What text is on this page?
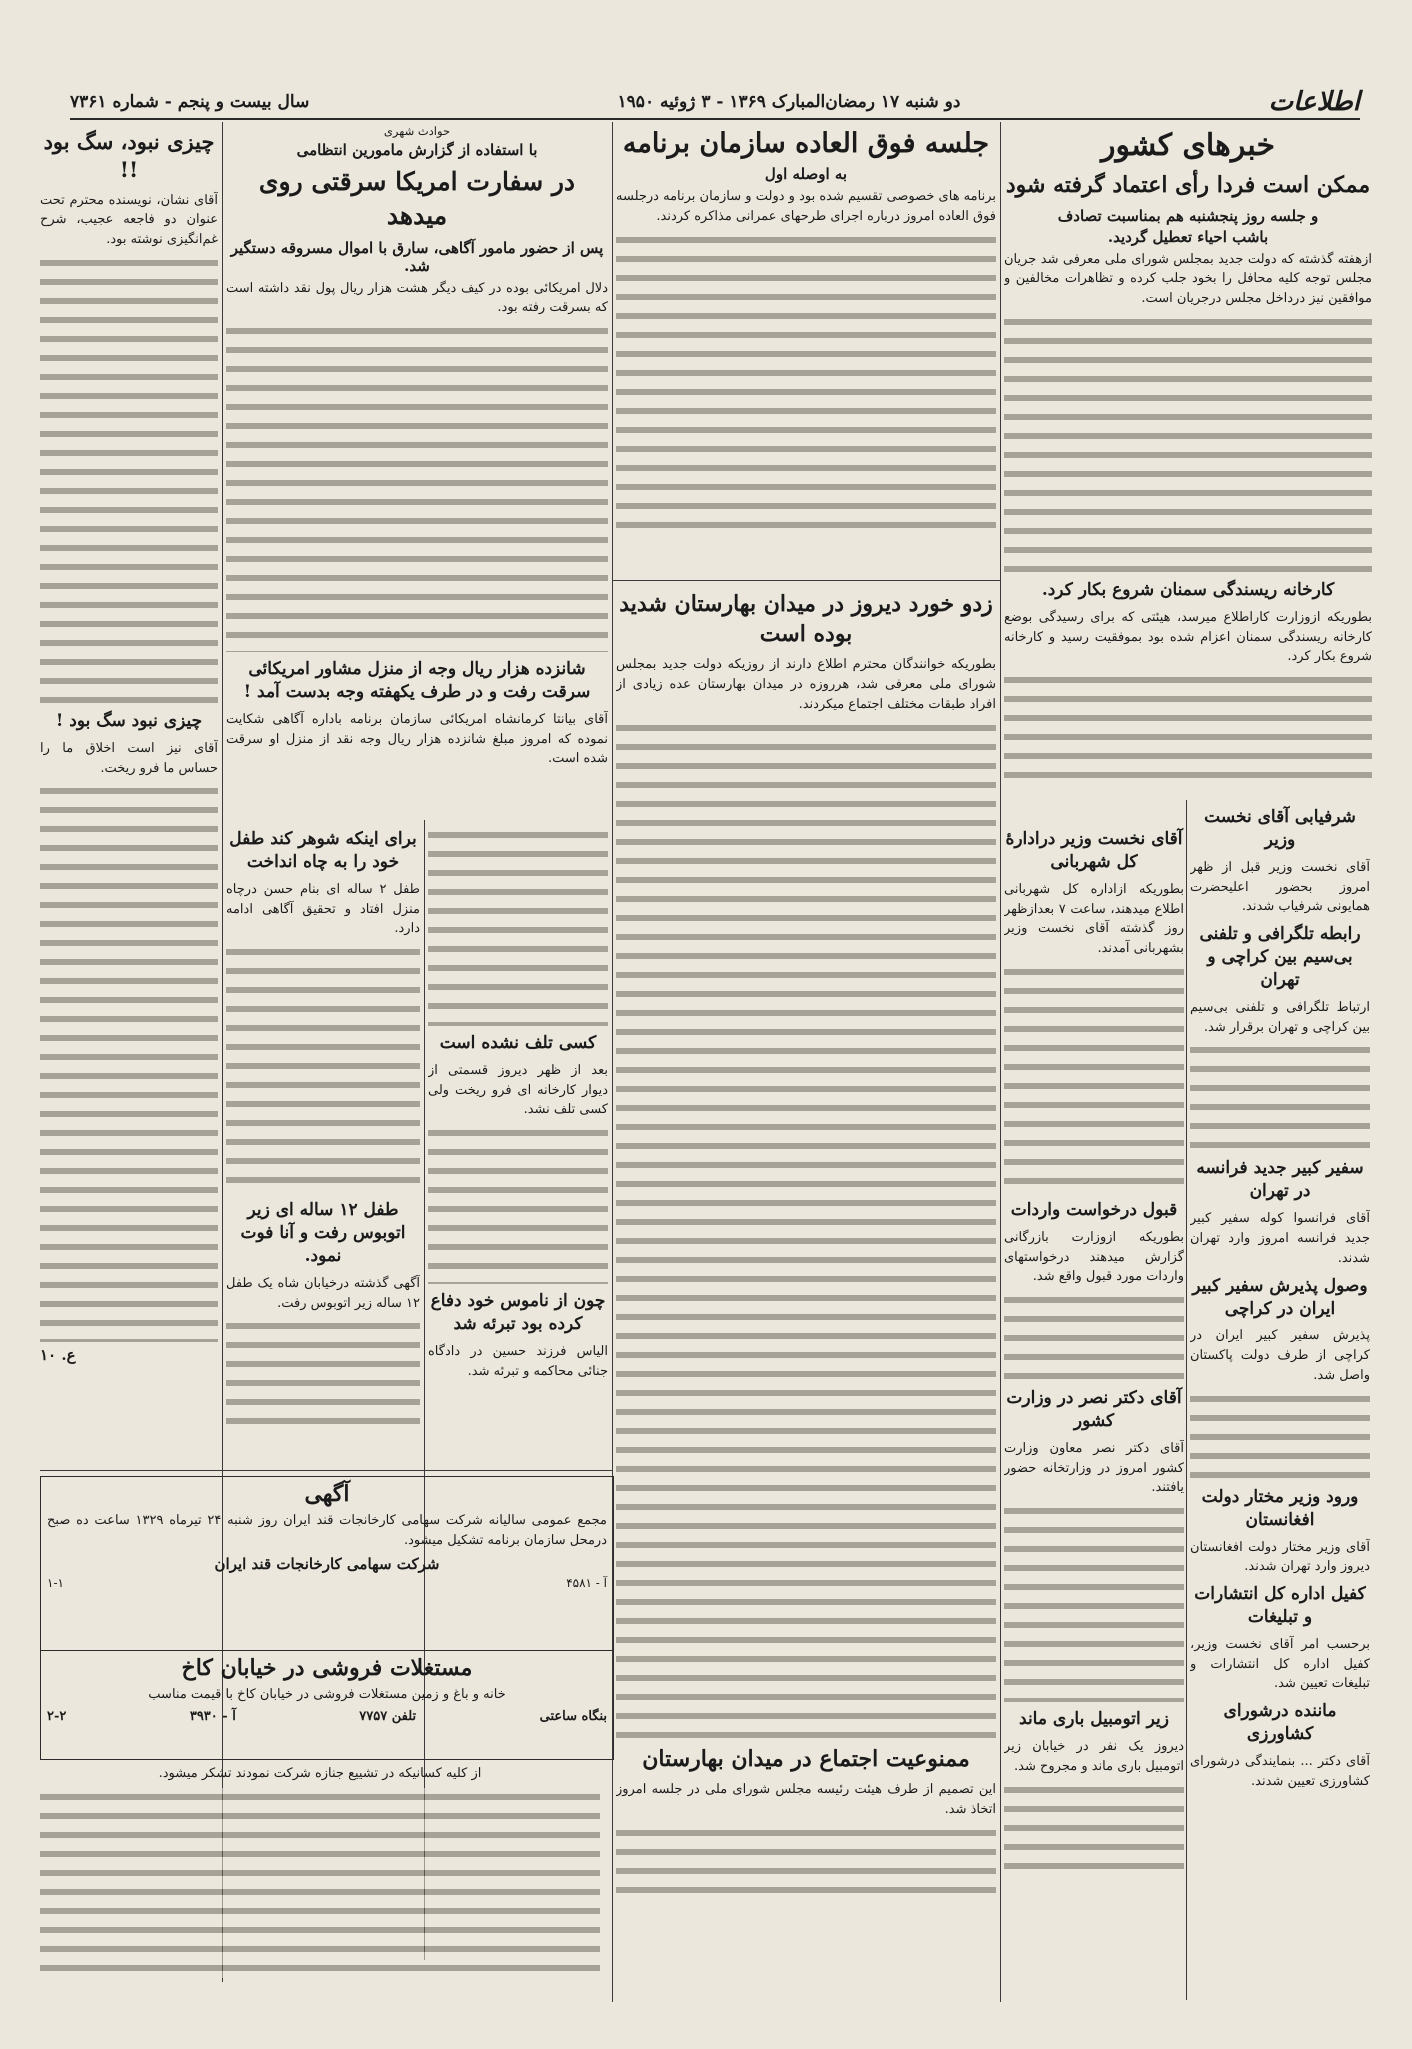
اطلاعات
دو شنبه ۱۷ رمضان‌المبارک ۱۳۶۹ - ۳ ژوئیه ۱۹۵۰
سال بیست و پنجم - شماره ۷۳۶۱
خبرهای کشور
ممکن است فردا رأی اعتماد گرفته شود
و جلسه روز پنجشنبه هم بمناسبت تصادف
باشب احیاء تعطیل گردید.

ازهفته گذشته که دولت جدید بمجلس شورای ملی معرفی شد جریان مجلس توجه کلیه محافل را بخود جلب کرده و تظاهرات مخالفین و موافقین نیز درداخل مجلس درجریان است.

کارخانه ریسندگی سمنان شروع بکار کرد.

بطوریکه ازوزارت کاراطلاع میرسد، هیئتی که برای رسیدگی بوضع کارخانه ریسندگی سمنان اعزام شده بود بموفقیت رسید و کارخانه شروع بکار کرد.

آقای نخست وزیر درادارهٔ کل شهربانی

بطوریکه ازاداره کل شهربانی اطلاع میدهند، ساعت ۷ بعدازظهر روز گذشته آقای نخست وزیر بشهربانی آمدند.

قبول درخواست واردات

بطوریکه ازوزارت بازرگانی گزارش میدهند درخواستهای واردات مورد قبول واقع شد.

آقای دکتر نصر در وزارت کشور

آقای دکتر نصر معاون وزارت کشور امروز در وزارتخانه حضور یافتند.

زیر اتومبیل باری ماند

دیروز یک نفر در خیابان زیر اتومبیل باری ماند و مجروح شد.

شرفیابی آقای نخست وزیر

آقای نخست وزیر قبل از ظهر امروز بحضور اعلیحضرت همایونی شرفیاب شدند.

رابطه تلگرافی و تلفنی بی‌سیم بین کراچی و تهران

ارتباط تلگرافی و تلفنی بی‌سیم بین کراچی و تهران برقرار شد.

سفیر کبیر جدید فرانسه در تهران

آقای فرانسوا کوله سفیر کبیر جدید فرانسه امروز وارد تهران شدند.

وصول پذیرش سفیر کبیر ایران در کراچی

پذیرش سفیر کبیر ایران در کراچی از طرف دولت پاکستان واصل شد.

ورود وزیر مختار دولت افغانستان

آقای وزیر مختار دولت افغانستان دیروز وارد تهران شدند.

کفیل اداره کل انتشارات و تبلیغات

برحسب امر آقای نخست وزیر، کفیل اداره کل انتشارات و تبلیغات تعیین شد.

ماننده درشورای کشاورزی

آقای دکتر ... بنمایندگی درشورای کشاورزی تعیین شدند.

جلسه فوق العاده سازمان برنامه
به اوصله اول

برنامه های خصوصی تقسیم شده بود و دولت و سازمان برنامه درجلسه فوق العاده امروز درباره اجرای طرحهای عمرانی مذاکره کردند.

زدو خورد دیروز در میدان بهارستان شدید بوده است

بطوریکه خوانندگان محترم اطلاع دارند از روزیکه دولت جدید بمجلس شورای ملی معرفی شد، هرروزه در میدان بهارستان عده زیادی از افراد طبقات مختلف اجتماع میکردند.

ممنوعیت اجتماع در میدان بهارستان

این تصمیم از طرف هیئت رئیسه مجلس شورای ملی در جلسه امروز اتخاذ شد.

حوادث شهری
با استفاده از گزارش مامورین انتظامی
در سفارت امریکا سرقتی روی میدهد
پس از حضور مامور آگاهی، سارق با اموال مسروقه دستگیر شد.

دلال امریکائی بوده در کیف دیگر هشت هزار ریال پول نقد داشته است که بسرقت رفته بود.

شانزده هزار ریال وجه از منزل مشاور امریکائی سرقت رفت و در طرف یکهفته وجه بدست آمد !

آقای بیانتا کرمانشاه امریکائی سازمان برنامه باداره آگاهی شکایت نموده که امروز مبلغ شانزده هزار ریال وجه نقد از منزل او سرقت شده است.

کسی تلف نشده است

بعد از ظهر دیروز قسمتی از دیوار کارخانه ای فرو ریخت ولی کسی تلف نشد.

چون از ناموس خود دفاع کرده بود تبرئه شد

الیاس فرزند حسین در دادگاه جنائی محاکمه و تبرئه شد.

برای اینکه شوهر کند طفل خود را به چاه انداخت

طفل ۲ ساله ای بنام حسن درچاه منزل افتاد و تحقیق آگاهی ادامه دارد.

طفل ۱۲ ساله ای زیر اتوبوس رفت و آنا فوت نمود.

آگهی گذشته درخیابان شاه یک طفل ۱۲ ساله زیر اتوبوس رفت.

چیزی نبود، سگ بود !!

آقای نشان، نویسنده محترم تحت عنوان دو فاجعه عجیب، شرح غم‌انگیزی نوشته بود.

چیزی نبود سگ بود !

آقای نیز است اخلاق ما را حساس ما فرو ریخت.

ع. ۱۰
آگهی

مجمع عمومی سالیانه شرکت سهامی کارخانجات قند ایران روز شنبه ۲۴ تیرماه ۱۳۲۹ ساعت ده صبح درمحل سازمان برنامه تشکیل میشود.

شرکت سهامی کارخانجات قند ایران
آ - ۴۵۸۱
۱-۱
مستغلات فروشی در خیابان کاخ

خانه و باغ و زمین مستغلات فروشی در خیابان کاخ با قیمت مناسب

بنگاه ساعتی
تلفن ۷۷۵۷
آ - ۳۹۳۰
۲-۲

از کلیه کسانیکه در تشییع جنازه شرکت نمودند تشکر میشود.
